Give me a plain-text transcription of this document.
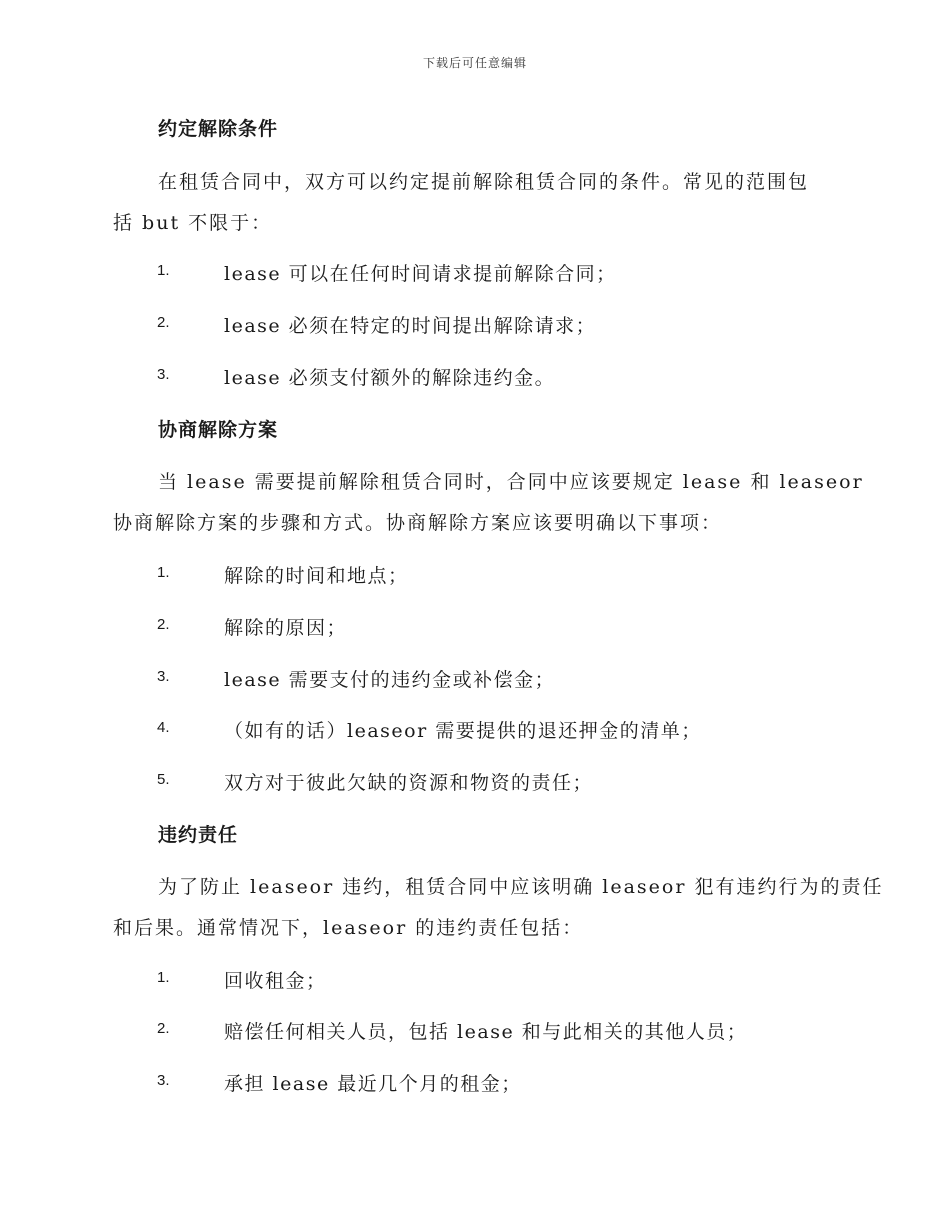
下载后可任意编辑
约定解除条件
在租赁合同中，双方可以约定提前解除租赁合同的条件。常见的范围包
括 but 不限于：
1.	lease 可以在任何时间请求提前解除合同；
2.	lease 必须在特定的时间提出解除请求；
3.	lease 必须支付额外的解除违约金。
协商解除方案
当 lease 需要提前解除租赁合同时，合同中应该要规定 lease 和 leaseor
协商解除方案的步骤和方式。协商解除方案应该要明确以下事项：
1.	解除的时间和地点；
2.	解除的原因；
3.	lease 需要支付的违约金或补偿金；
4.	（如有的话）leaseor 需要提供的退还押金的清单；
5.	双方对于彼此欠缺的资源和物资的责任；
违约责任
为了防止 leaseor 违约，租赁合同中应该明确 leaseor 犯有违约行为的责任
和后果。通常情况下，leaseor 的违约责任包括：
1.	回收租金；
2.	赔偿任何相关人员，包括 lease 和与此相关的其他人员；
3.	承担 lease 最近几个月的租金；
